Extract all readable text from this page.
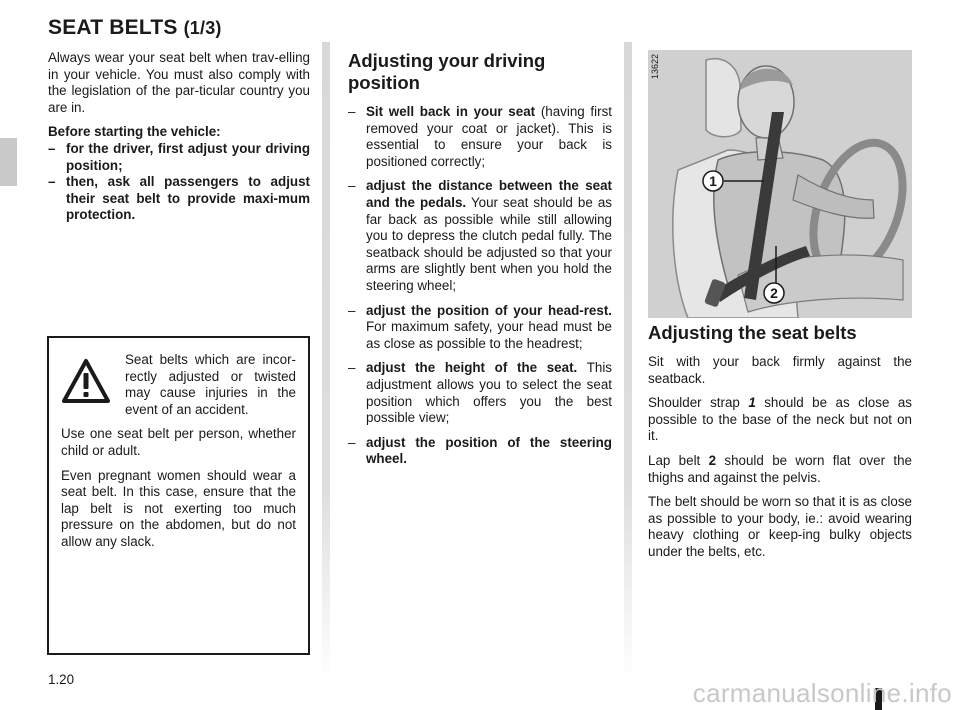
SEAT BELTS (1/3)

Always wear your seat belt when trav-elling in your vehicle. You must also comply with the legislation of the par-ticular country you are in.

Before starting the vehicle:

– for the driver, first adjust your driving position;
– then, ask all passengers to adjust their seat belt to provide maxi-mum protection.

Seat belts which are incor-rectly adjusted or twisted may cause injuries in the event of an accident.

Use one seat belt per person, whether child or adult.

Even pregnant women should wear a seat belt. In this case, ensure that the lap belt is not exerting too much pressure on the abdomen, but do not allow any slack.

Adjusting your driving position
– Sit well back in your seat (having first removed your coat or jacket). This is essential to ensure your back is positioned correctly;
– adjust the distance between the seat and the pedals. Your seat should be as far back as possible while still allowing you to depress the clutch pedal fully. The seatback should be adjusted so that your arms are slightly bent when you hold the steering wheel;
– adjust the position of your head-rest. For maximum safety, your head must be as close as possible to the headrest;
– adjust the height of the seat. This adjustment allows you to select the seat position which offers you the best possible view;
– adjust the position of the steering wheel.
1
2
13622
Adjusting the seat belts

Sit with your back firmly against the seatback.

Shoulder strap 1 should be as close as possible to the base of the neck but not on it.

Lap belt 2 should be worn flat over the thighs and against the pelvis.

The belt should be worn so that it is as close as possible to your body, ie.: avoid wearing heavy clothing or keep-ing bulky objects under the belts, etc.

1.20	carmanualsonline.info
